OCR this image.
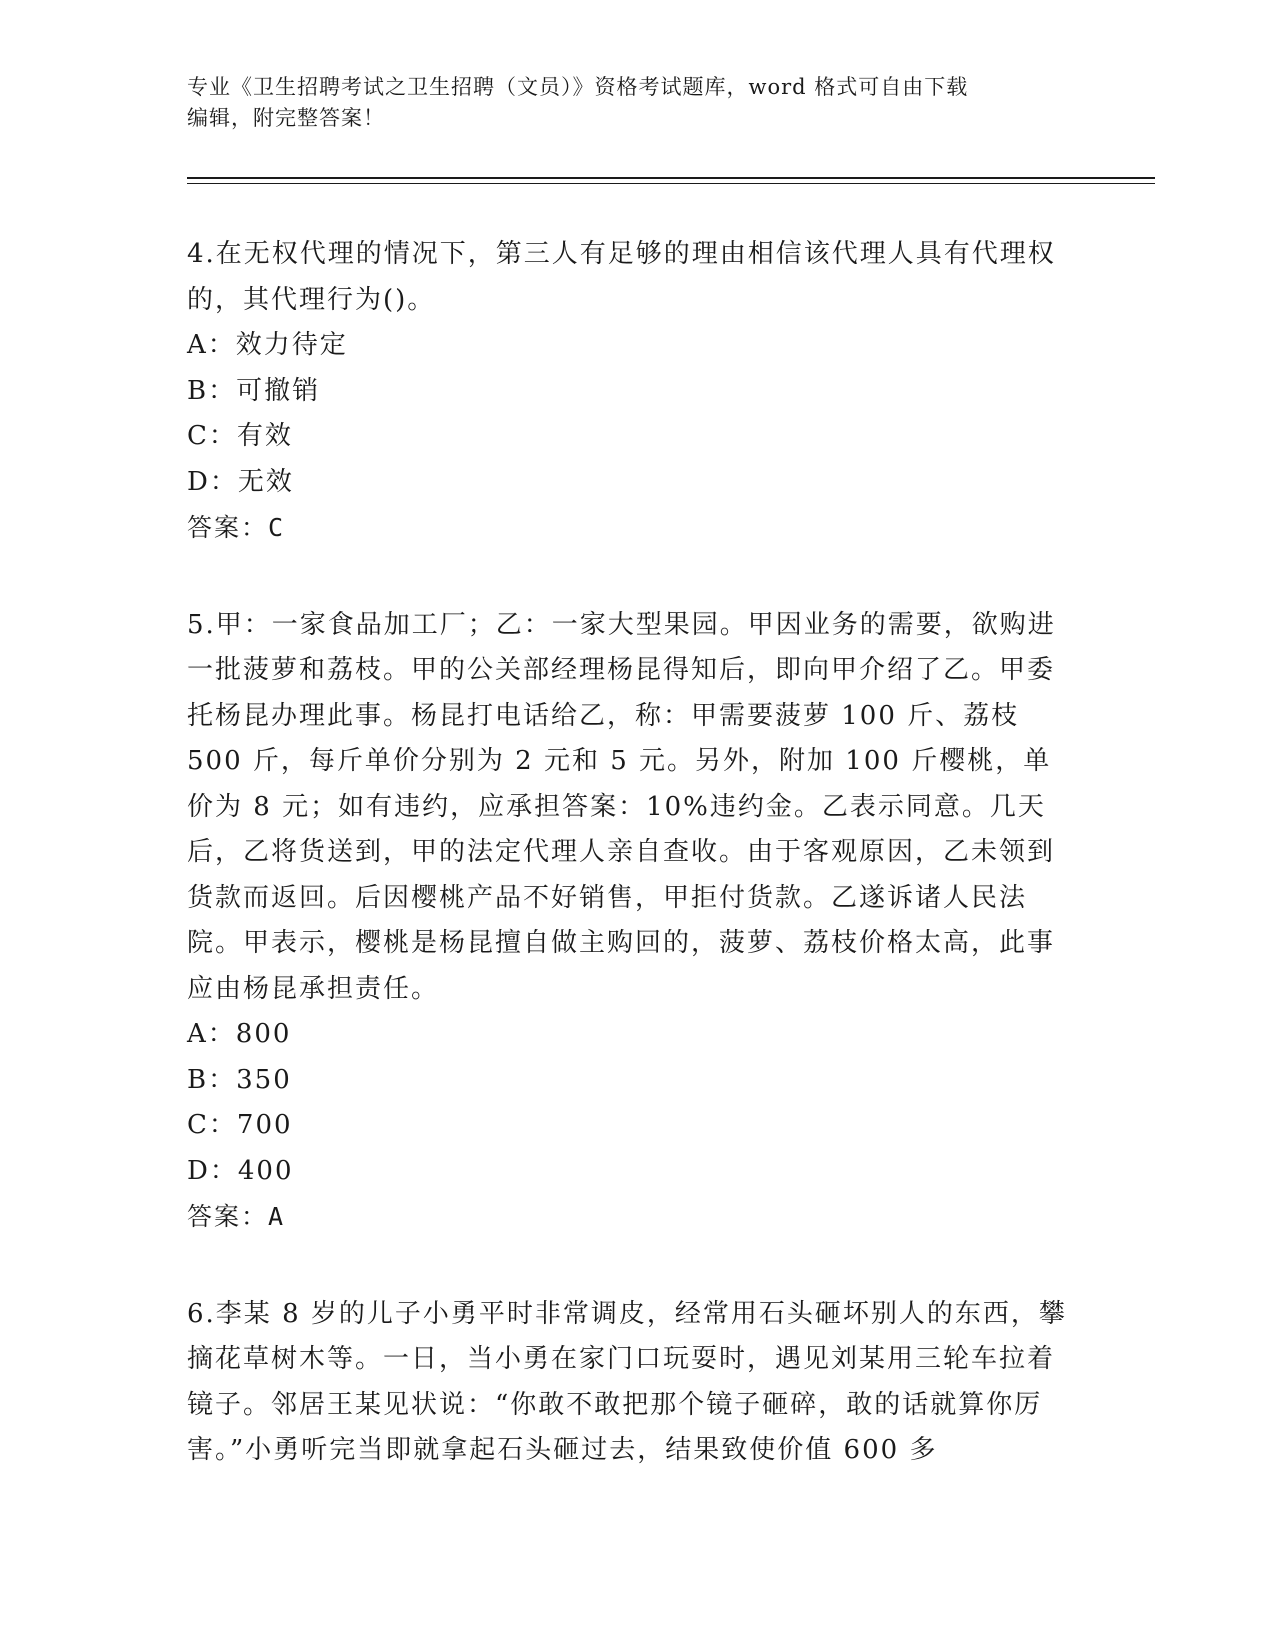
专业《卫生招聘考试之卫生招聘（文员）》资格考试题库，word 格式可自由下载
编辑，附完整答案！

4.在无权代理的情况下，第三人有足够的理由相信该代理人具有代理权的，其代理行为()。

A：效力待定

B：可撤销

C：有效

D：无效

答案：C

5.甲：一家食品加工厂；乙：一家大型果园。甲因业务的需要，欲购进一批菠萝和荔枝。甲的公关部经理杨昆得知后，即向甲介绍了乙。甲委托杨昆办理此事。杨昆打电话给乙，称：甲需要菠萝 100 斤、荔枝 500 斤，每斤单价分别为 2 元和 5 元。另外，附加 100 斤樱桃，单价为 8 元；如有违约，应承担答案：10%违约金。乙表示同意。几天后，乙将货送到，甲的法定代理人亲自查收。由于客观原因，乙未领到货款而返回。后因樱桃产品不好销售，甲拒付货款。乙遂诉诸人民法院。甲表示，樱桃是杨昆擅自做主购回的，菠萝、荔枝价格太高，此事应由杨昆承担责任。

A：800

B：350

C：700

D：400

答案：A

6.李某 8 岁的儿子小勇平时非常调皮，经常用石头砸坏别人的东西，攀摘花草树木等。一日，当小勇在家门口玩耍时，遇见刘某用三轮车拉着镜子。邻居王某见状说：“你敢不敢把那个镜子砸碎，敢的话就算你厉害。”小勇听完当即就拿起石头砸过去，结果致使价值 600 多
